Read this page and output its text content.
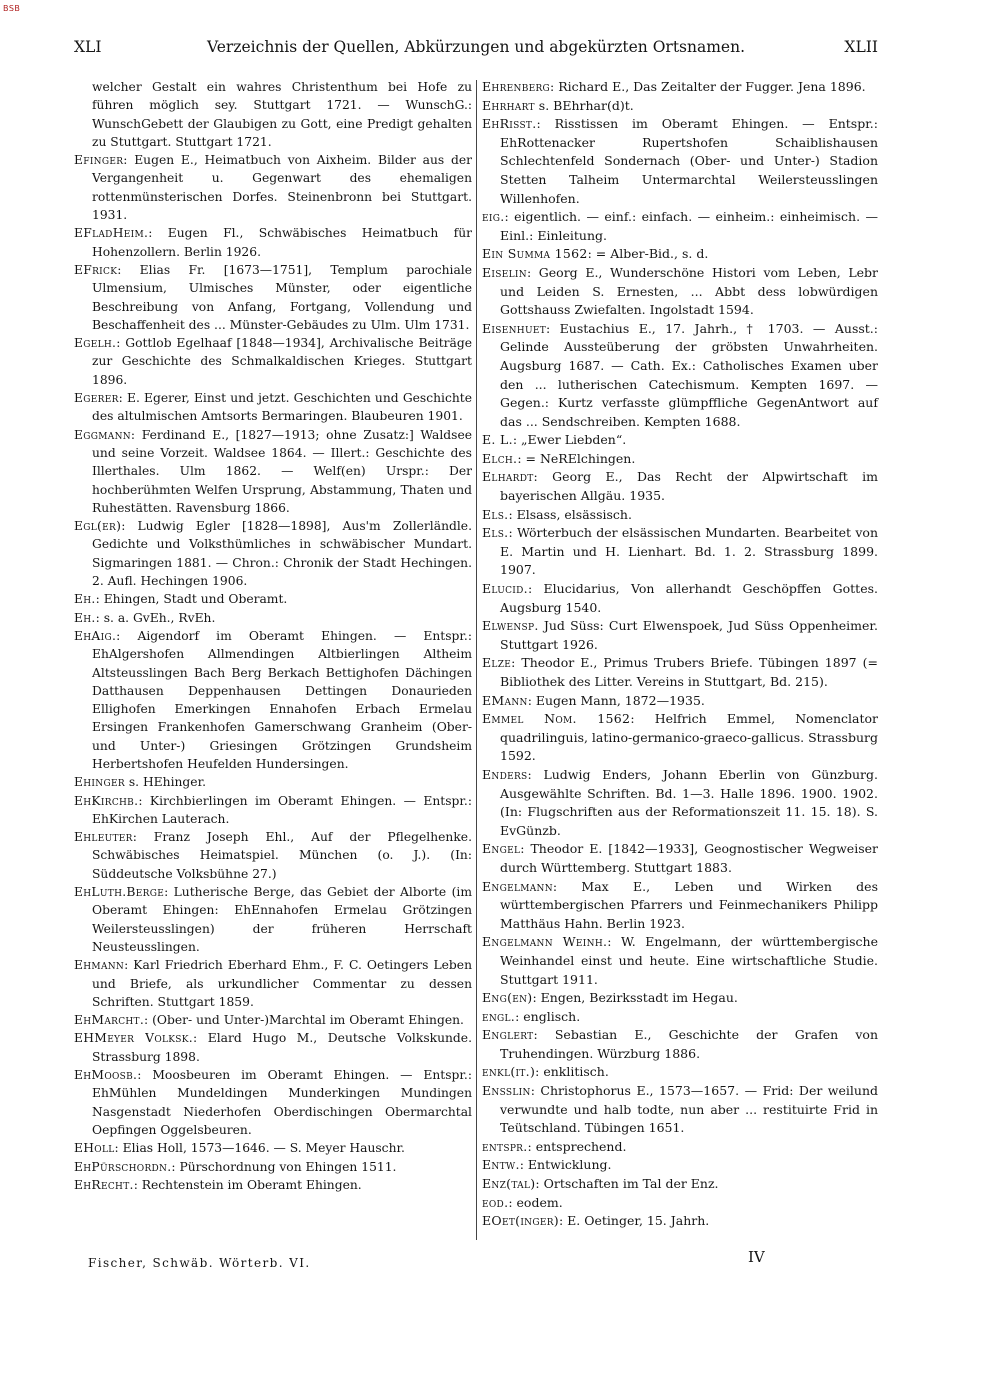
BSB
XLI	Verzeichnis der Quellen, Abkürzungen und abgekürzten Ortsnamen.	XLII
welcher Gestalt ein wahres Christenthum bei Hofe zu führen möglich sey. Stuttgart 1721. — WunschG.: WunschGebett der Glaubigen zu Gott, eine Predigt gehalten zu Stuttgart. Stuttgart 1721.
Efinger: Eugen E., Heimatbuch von Aixheim. Bilder aus der Vergangenheit u. Gegenwart des ehemaligen rottenmünsterischen Dorfes. Steinenbronn bei Stuttgart. 1931.
EFladHeim.: Eugen Fl., Schwäbisches Heimatbuch für Hohenzollern. Berlin 1926.
EFrick: Elias Fr. [1673—1751], Templum parochiale Ulmensium, Ulmisches Münster, oder eigentliche Beschreibung von Anfang, Fortgang, Vollendung und Beschaffenheit des ... Münster-Gebäudes zu Ulm. Ulm 1731.
Egelh.: Gottlob Egelhaaf [1848—1934], Archivalische Beiträge zur Geschichte des Schmalkaldischen Krieges. Stuttgart 1896.
Egerer: E. Egerer, Einst und jetzt. Geschichten und Geschichte des altulmischen Amtsorts Bermaringen. Blaubeuren 1901.
Eggmann: Ferdinand E., [1827—1913; ohne Zusatz:] Waldsee und seine Vorzeit. Waldsee 1864. — Illert.: Geschichte des Illerthales. Ulm 1862. — Welf(en) Urspr.: Der hochberühmten Welfen Ursprung, Abstammung, Thaten und Ruhestätten. Ravensburg 1866.
Egl(er): Ludwig Egler [1828—1898], Aus'm Zollerländle. Gedichte und Volksthümliches in schwäbischer Mundart. Sigmaringen 1881. — Chron.: Chronik der Stadt Hechingen. 2. Aufl. Hechingen 1906.
Eh.: Ehingen, Stadt und Oberamt.
Eh.: s. a. GvEh., RvEh.
EhAig.: Aigendorf im Oberamt Ehingen. — Entspr.: EhAlgershofen Allmendingen Altbierlingen Altheim Altsteusslingen Bach Berg Berkach Bettighofen Dächingen Datthausen Deppenhausen Dettingen Donaurieden Ellighofen Emerkingen Ennahofen Erbach Ermelau Ersingen Frankenhofen Gamerschwang Granheim (Ober- und Unter-) Griesingen Grötzingen Grundsheim Herbertshofen Heufelden Hundersingen.
Ehinger s. HEhinger.
EhKirchb.: Kirchbierlingen im Oberamt Ehingen. — Entspr.: EhKirchen Lauterach.
Ehleuter: Franz Joseph Ehl., Auf der Pflegelhenke. Schwäbisches Heimatspiel. München (o. J.). (In: Süddeutsche Volksbühne 27.)
EhLuth.Berge: Lutherische Berge, das Gebiet der Alborte (im Oberamt Ehingen: EhEnnahofen Ermelau Grötzingen Weilersteusslingen) der früheren Herrschaft Neusteusslingen.
Ehmann: Karl Friedrich Eberhard Ehm., F. C. Oetingers Leben und Briefe, als urkundlicher Commentar zu dessen Schriften. Stuttgart 1859.
EhMarcht.: (Ober- und Unter-)Marchtal im Oberamt Ehingen.
EHMeyer Volksk.: Elard Hugo M., Deutsche Volkskunde. Strassburg 1898.
EhMoosb.: Moosbeuren im Oberamt Ehingen. — Entspr.: EhMühlen Mundeldingen Munderkingen Mundingen Nasgenstadt Niederhofen Oberdischingen Obermarchtal Oepfingen Oggelsbeuren.
EHoll: Elias Holl, 1573—1646. — S. Meyer Hauschr.
EhPürschordn.: Pürschordnung von Ehingen 1511.
EhRecht.: Rechtenstein im Oberamt Ehingen.
Ehrenberg: Richard E., Das Zeitalter der Fugger. Jena 1896.
Ehrhart s. BEhrhar(d)t.
EhRisst.: Risstissen im Oberamt Ehingen. — Entspr.: EhRottenacker Rupertshofen Schaiblishausen Schlechtenfeld Sondernach (Ober- und Unter-) Stadion Stetten Talheim Untermarchtal Weilersteusslingen Willenhofen.
eig.: eigentlich. — einf.: einfach. — einheim.: einheimisch. — Einl.: Einleitung.
Ein Summa 1562: = Alber-Bid., s. d.
Eiselin: Georg E., Wunderschöne Histori vom Leben, Lebr und Leiden S. Ernesten, ... Abbt dess lobwürdigen Gottshauss Zwiefalten. Ingolstadt 1594.
Eisenhuet: Eustachius E., 17. Jahrh., † 1703. — Ausst.: Gelinde Aussteüberung der gröbsten Unwahrheiten. Augsburg 1687. — Cath. Ex.: Catholisches Examen uber den ... lutherischen Catechismum. Kempten 1697. — Gegen.: Kurtz verfasste glümpffliche GegenAntwort auf das ... Sendschreiben. Kempten 1688.
E. L.: „Ewer Liebden“.
Elch.: = NeRElchingen.
Elhardt: Georg E., Das Recht der Alpwirtschaft im bayerischen Allgäu. 1935.
Els.: Elsass, elsässisch.
Els.: Wörterbuch der elsässischen Mundarten. Bearbeitet von E. Martin und H. Lienhart. Bd. 1. 2. Strassburg 1899. 1907.
Elucid.: Elucidarius, Von allerhandt Geschöpffen Gottes. Augsburg 1540.
Elwensp. Jud Süss: Curt Elwenspoek, Jud Süss Oppenheimer. Stuttgart 1926.
Elze: Theodor E., Primus Trubers Briefe. Tübingen 1897 (= Bibliothek des Litter. Vereins in Stuttgart, Bd. 215).
EMann: Eugen Mann, 1872—1935.
Emmel Nom. 1562: Helfrich Emmel, Nomenclator quadrilinguis, latino-germanico-graeco-gallicus. Strassburg 1592.
Enders: Ludwig Enders, Johann Eberlin von Günzburg. Ausgewählte Schriften. Bd. 1—3. Halle 1896. 1900. 1902. (In: Flugschriften aus der Reformationszeit 11. 15. 18). S. EvGünzb.
Engel: Theodor E. [1842—1933], Geognostischer Wegweiser durch Württemberg. Stuttgart 1883.
Engelmann: Max E., Leben und Wirken des württembergischen Pfarrers und Feinmechanikers Philipp Matthäus Hahn. Berlin 1923.
Engelmann Weinh.: W. Engelmann, der württembergische Weinhandel einst und heute. Eine wirtschaftliche Studie. Stuttgart 1911.
Eng(en): Engen, Bezirksstadt im Hegau.
engl.: englisch.
Englert: Sebastian E., Geschichte der Grafen von Truhendingen. Würzburg 1886.
enkl(it.): enklitisch.
Ensslin: Christophorus E., 1573—1657. — Frid: Der weilund verwundte und halb todte, nun aber ... restituirte Frid in Teütschland. Tübingen 1651.
entspr.: entsprechend.
Entw.: Entwicklung.
Enz(tal): Ortschaften im Tal der Enz.
eod.: eodem.
EOet(inger): E. Oetinger, 15. Jahrh.
Fischer, Schwäb. Wörterb. VI.	IV
